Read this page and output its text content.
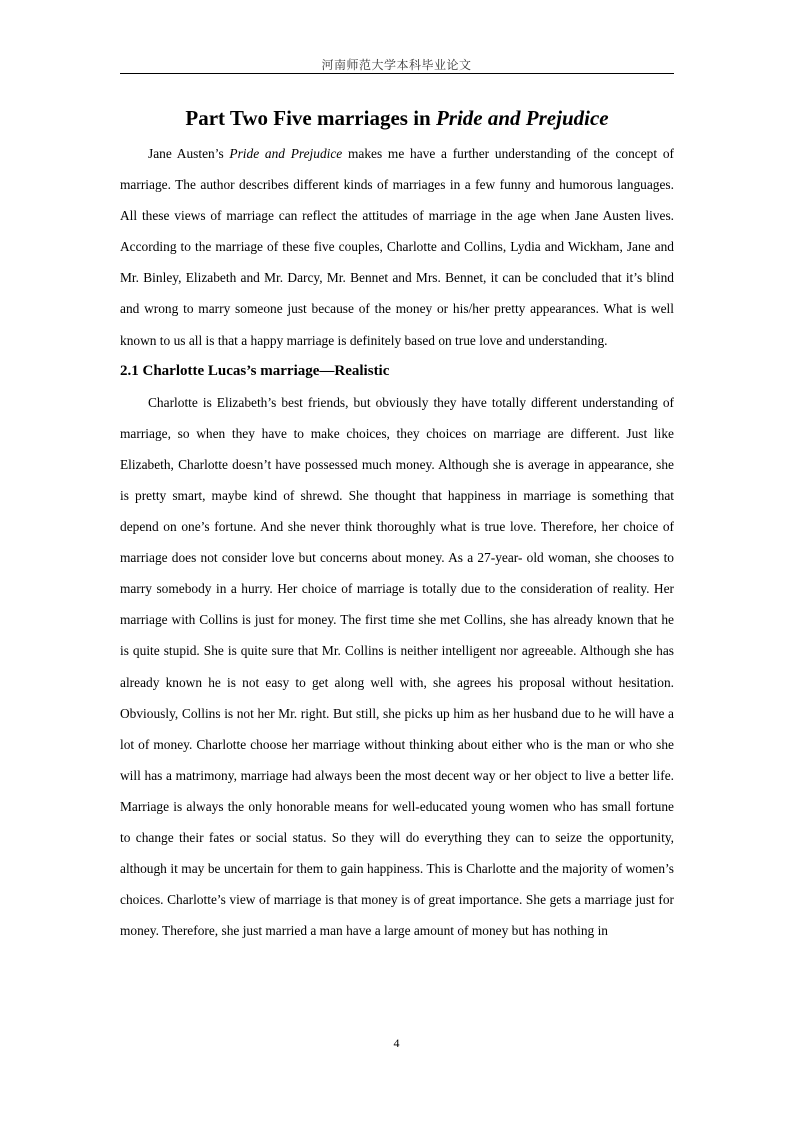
河南师范大学本科毕业论文
Part Two Five marriages in Pride and Prejudice

Jane Austen’s Pride and Prejudice makes me have a further understanding of the concept of marriage. The author describes different kinds of marriages in a few funny and humorous languages. All these views of marriage can reflect the attitudes of marriage in the age when Jane Austen lives. According to the marriage of these five couples, Charlotte and Collins, Lydia and Wickham, Jane and Mr. Binley, Elizabeth and Mr. Darcy, Mr. Bennet and Mrs. Bennet, it can be concluded that it’s blind and wrong to marry someone just because of the money or his/her pretty appearances. What is well known to us all is that a happy marriage is definitely based on true love and understanding.

2.1 Charlotte Lucas’s marriage—Realistic

Charlotte is Elizabeth’s best friends, but obviously they have totally different understanding of marriage, so when they have to make choices, they choices on marriage are different. Just like Elizabeth, Charlotte doesn’t have possessed much money. Although she is average in appearance, she is pretty smart, maybe kind of shrewd. She thought that happiness in marriage is something that depend on one’s fortune. And she never think thoroughly what is true love. Therefore, her choice of marriage does not consider love but concerns about money. As a 27-year- old woman, she chooses to marry somebody in a hurry. Her choice of marriage is totally due to the consideration of reality. Her marriage with Collins is just for money. The first time she met Collins, she has already known that he is quite stupid. She is quite sure that Mr. Collins is neither intelligent nor agreeable. Although she has already known he is not easy to get along well with, she agrees his proposal without hesitation. Obviously, Collins is not her Mr. right. But still, she picks up him as her husband due to he will have a lot of money. Charlotte choose her marriage without thinking about either who is the man or who she will has a matrimony, marriage had always been the most decent way or her object to live a better life. Marriage is always the only honorable means for well-educated young women who has small fortune to change their fates or social status. So they will do everything they can to seize the opportunity, although it may be uncertain for them to gain happiness. This is Charlotte and the majority of women’s choices. Charlotte’s view of marriage is that money is of great importance. She gets a marriage just for money. Therefore, she just married a man have a large amount of money but has nothing in

4
